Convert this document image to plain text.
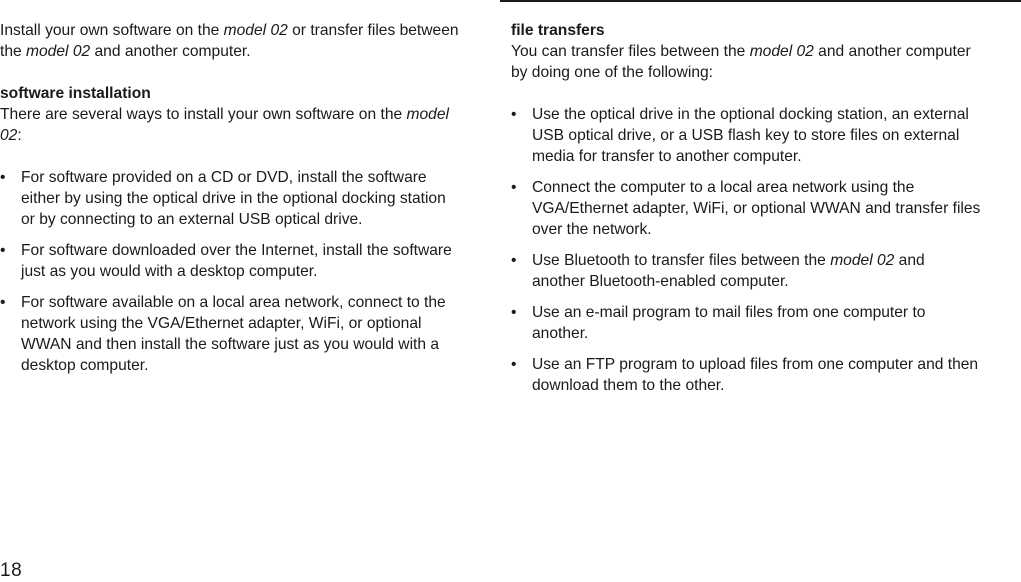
Install your own software on the model 02 or transfer files between the model 02 and another computer.

software installation

There are several ways to install your own software on the model 02:

• For software provided on a CD or DVD, install the software either by using the optical drive in the optional docking station or by connecting to an external USB optical drive.
• For software downloaded over the Internet, install the software just as you would with a desktop computer.
• For software available on a local area network, connect to the network using the VGA/Ethernet adapter, WiFi, or optional WWAN and then install the software just as you would with a desktop computer.

file transfers

You can transfer files between the model 02 and another computer by doing one of the following:

• Use the optical drive in the optional docking station, an external USB optical drive, or a USB flash key to store files on external media for transfer to another computer.
• Connect the computer to a local area network using the VGA/Ethernet adapter, WiFi, or optional WWAN and transfer files over the network.
• Use Bluetooth to transfer files between the model 02 and another Bluetooth-enabled computer.
• Use an e-mail program to mail files from one computer to another.
• Use an FTP program to upload files from one computer and then download them to the other.
18
